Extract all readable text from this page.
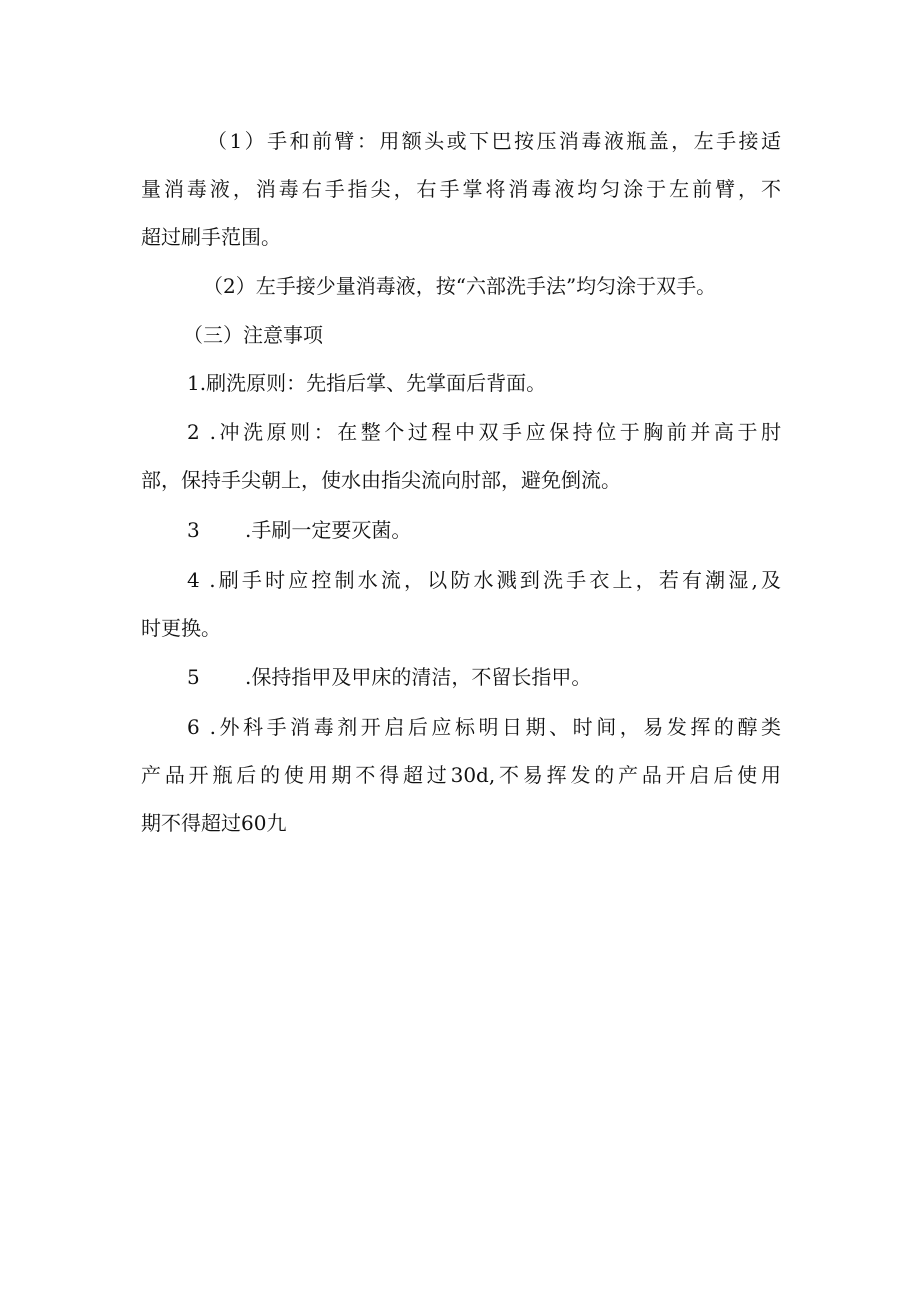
（1）手和前臂：用额头或下巴按压消毒液瓶盖，左手接适
量消毒液，消毒右手指尖，右手掌将消毒液均匀涂于左前臂，不
超过刷手范围。
（2）左手接少量消毒液，按“六部洗手法”均匀涂于双手。
（三）注意事项
1.刷洗原则：先指后掌、先掌面后背面。
2 .冲洗原则：在整个过程中双手应保持位于胸前并高于肘
部，保持手尖朝上，使水由指尖流向肘部，避免倒流。
3 .手刷一定要灭菌。
4 .刷手时应控制水流，以防水溅到洗手衣上，若有潮湿,及
时更换。
5 .保持指甲及甲床的清洁，不留长指甲。
6 .外科手消毒剂开启后应标明日期、时间，易发挥的醇类
产品开瓶后的使用期不得超过30d,不易挥发的产品开启后使用
期不得超过60九
